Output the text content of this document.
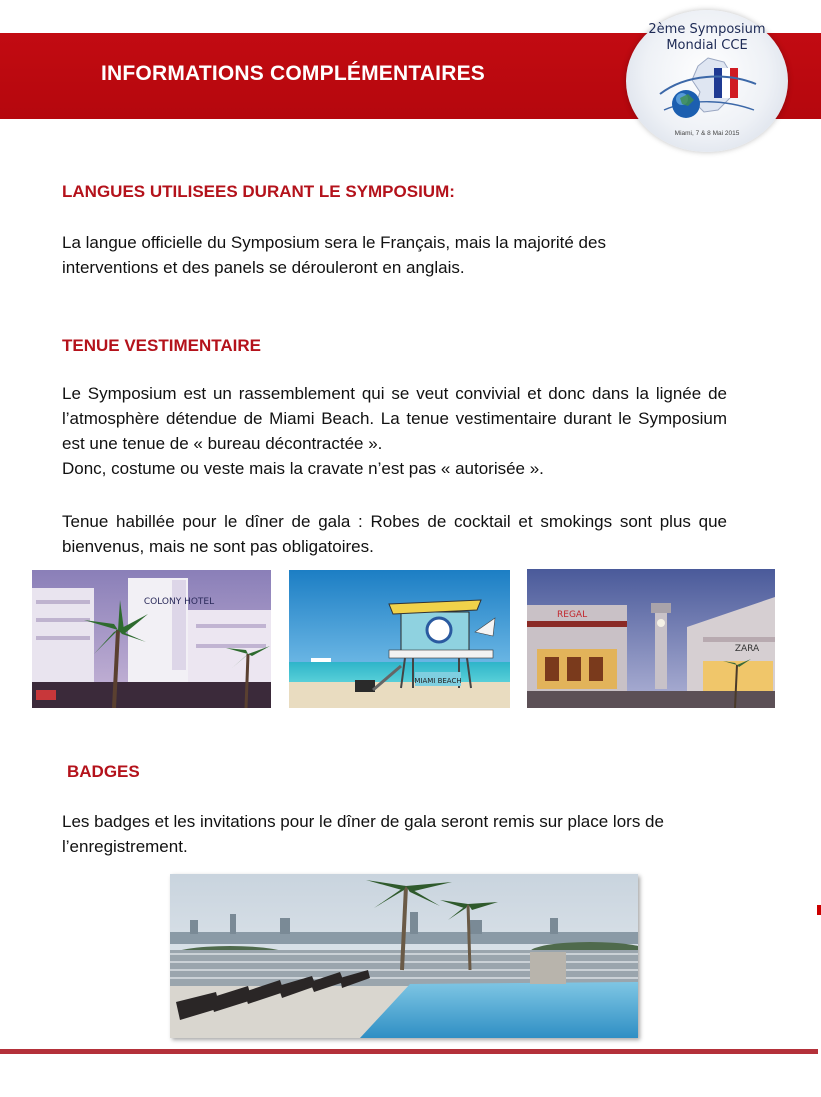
INFORMATIONS COMPLÉMENTAIRES
2ème Symposium
Mondial CCE
Miami, 7 & 8 Mai 2015
LANGUES UTILISEES DURANT LE SYMPOSIUM:

La langue officielle du Symposium sera le Français, mais la majorité des interventions et des panels se dérouleront en anglais.

TENUE VESTIMENTAIRE

Le Symposium est un rassemblement qui se veut convivial et donc dans la lignée de l’atmosphère détendue de Miami Beach. La tenue vestimentaire durant le Symposium est une tenue de « bureau décontractée ».

Donc, costume ou veste mais la cravate n’est pas « autorisée ».

Tenue habillée pour le dîner de gala : Robes de cocktail et smokings sont plus que bienvenus, mais ne sont pas obligatoires.

COLONY HOTEL
MIAMI BEACH
REGAL
ZARA
BADGES

Les badges et les invitations pour le dîner de gala seront remis sur place lors de l’enregistrement.
